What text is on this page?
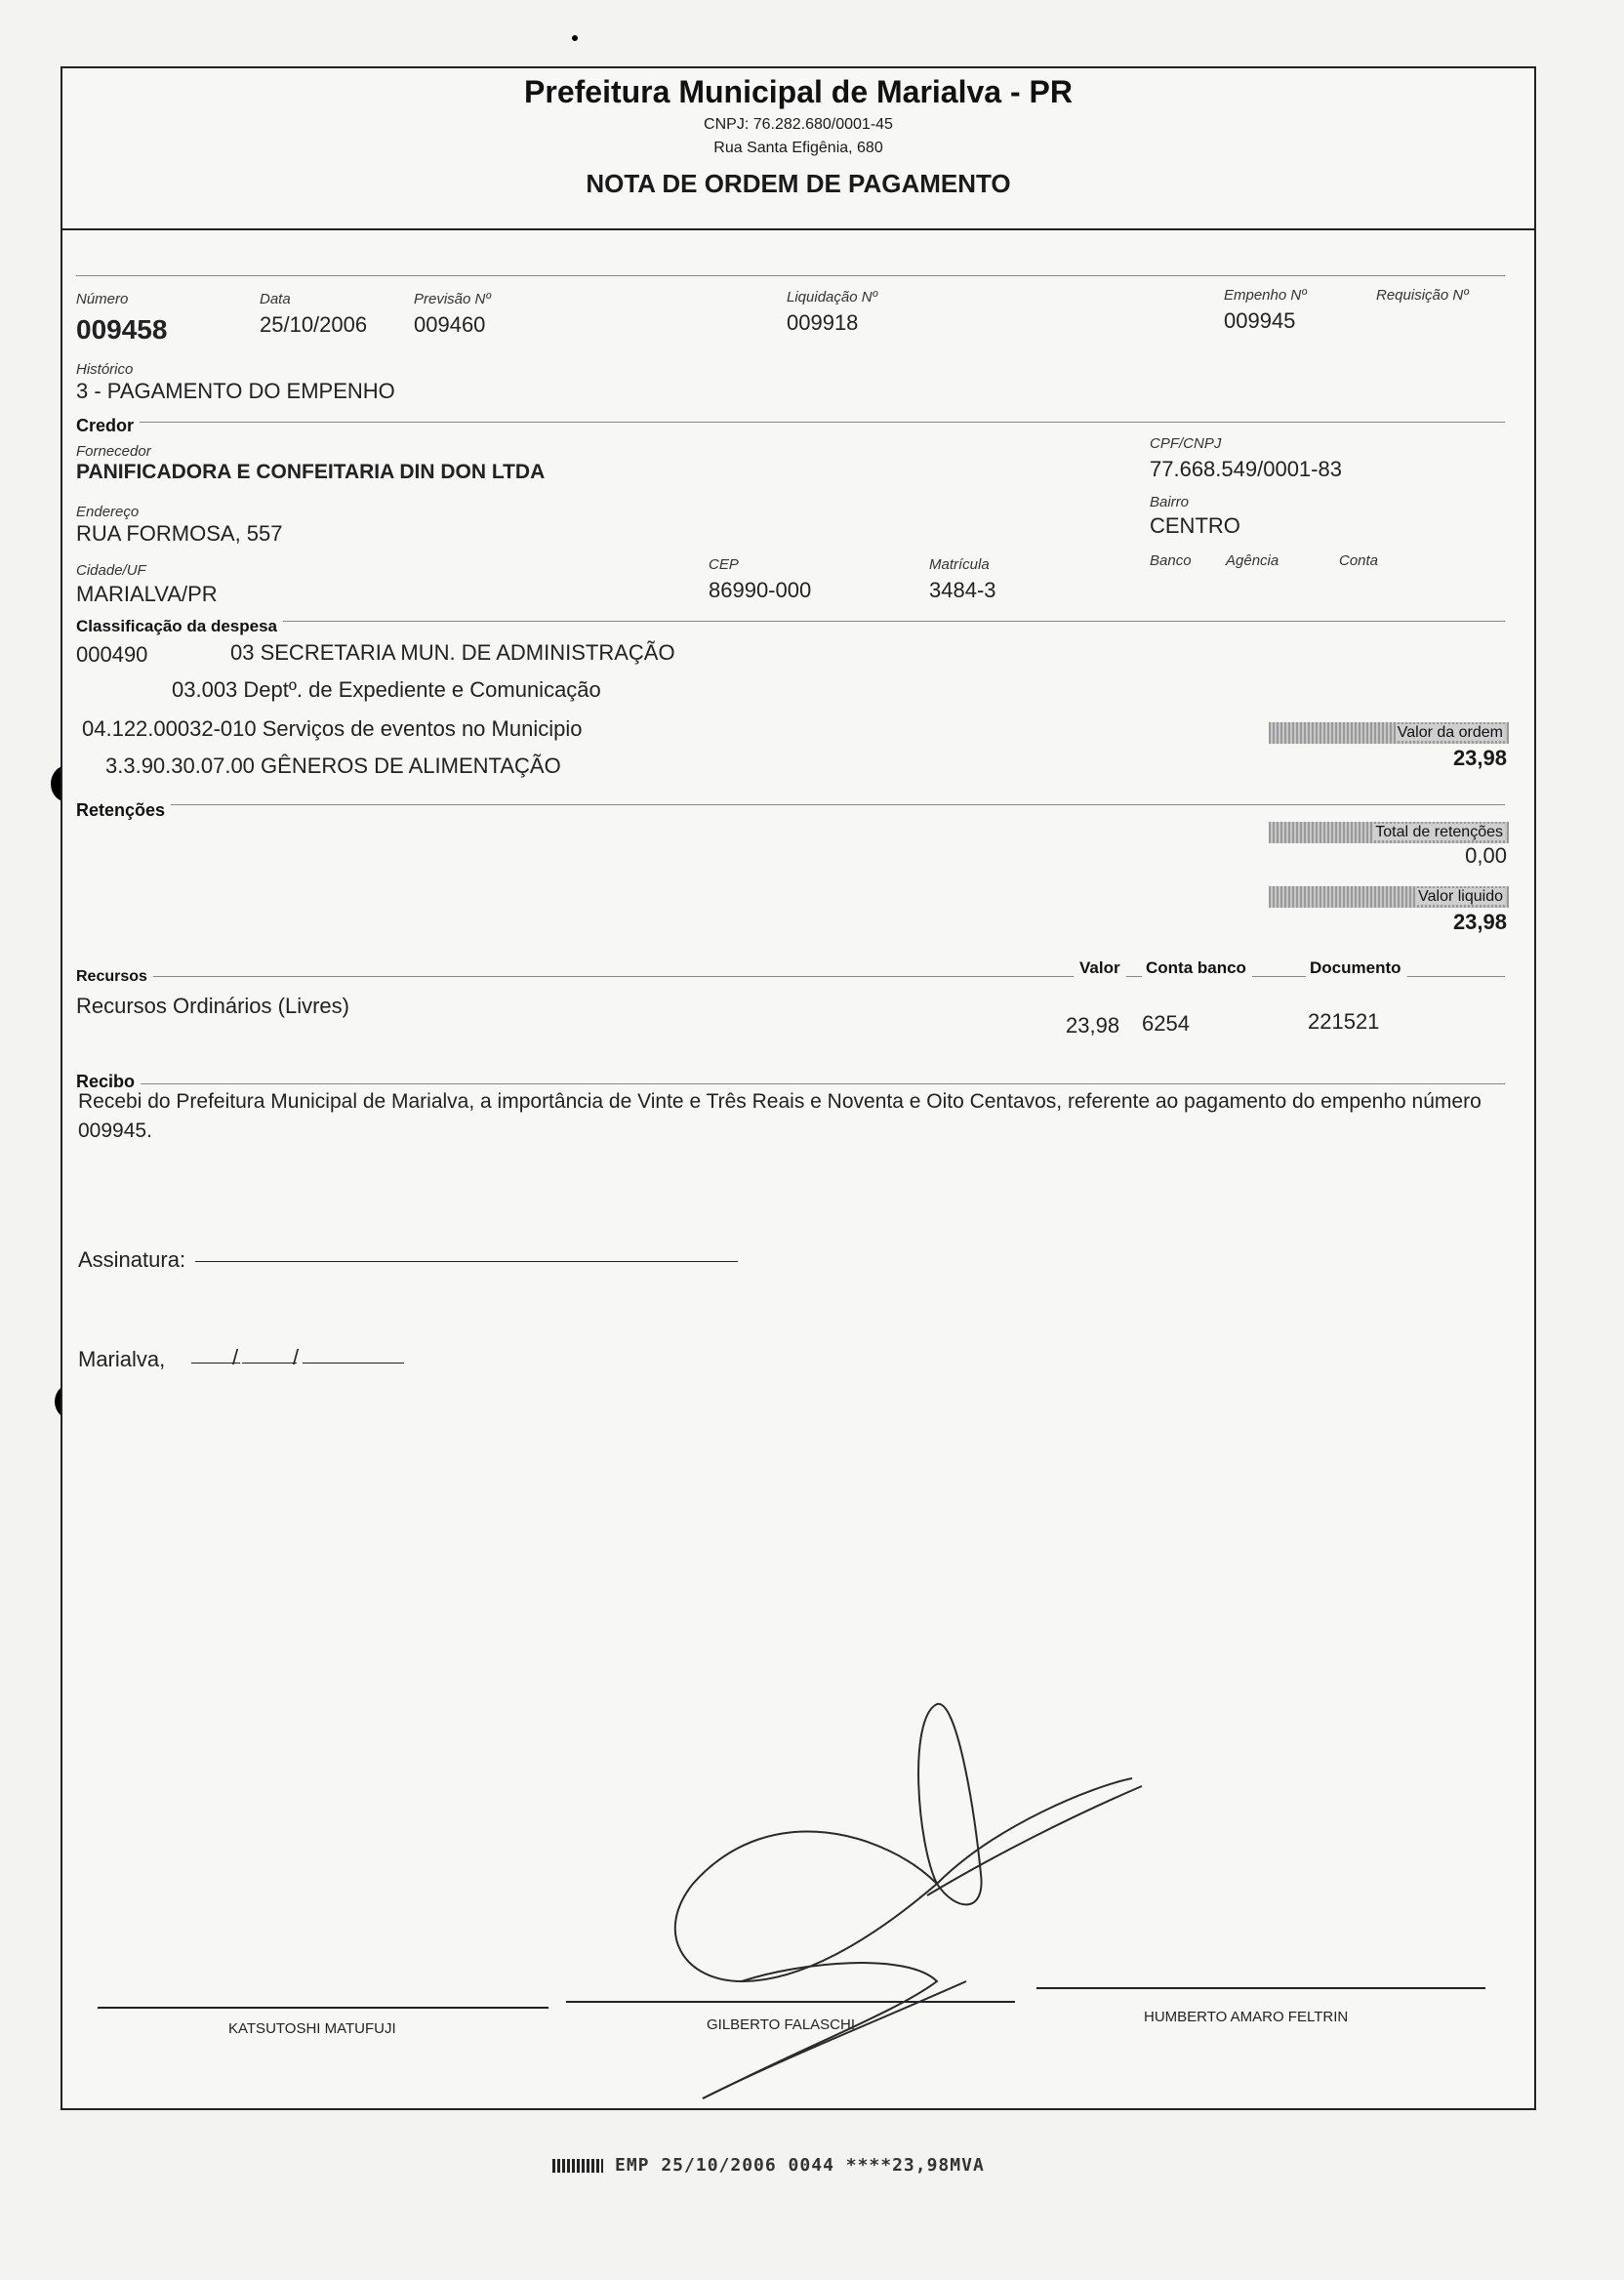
Prefeitura Municipal de Marialva - PR
CNPJ: 76.282.680/0001-45
Rua Santa Efigênia, 680
NOTA DE ORDEM DE PAGAMENTO
Número
009458
Data
25/10/2006
Previsão Nº
009460
Liquidação Nº
009918
Empenho Nº
009945
Requisição Nº
Histórico
3 - PAGAMENTO DO EMPENHO
Credor
Fornecedor
PANIFICADORA E CONFEITARIA DIN DON LTDA
CPF/CNPJ
77.668.549/0001-83
Endereço
RUA FORMOSA, 557
Bairro
CENTRO
Cidade/UF
MARIALVA/PR
CEP
86990-000
Matrícula
3484-3
Banco Agência	Conta
Classificação da despesa
000490	03 SECRETARIA MUN. DE ADMINISTRAÇÃO
03.003 Deptº. de Expediente e Comunicação
04.122.00032-010 Serviços de eventos no Municipio
3.3.90.30.07.00 GÊNEROS DE ALIMENTAÇÃO
Valor da ordem
23,98
Retenções
Total de retenções
0,00
Valor liquido
23,98
Recursos	Valor	Conta banco	Documento
Recursos Ordinários (Livres)
23,98 6254	221521
Recibo
Recebi do Prefeitura Municipal de Marialva, a importância de Vinte e Três Reais e Noventa e Oito Centavos, referente ao pagamento do empenho número 009945.
Assinatura:
Marialva,	/	/
KATSUTOSHI MATUFUJI	GILBERTO FALASCHI	HUMBERTO AMARO FELTRIN
EMP 25/10/2006 0044 ****23,98MVA
